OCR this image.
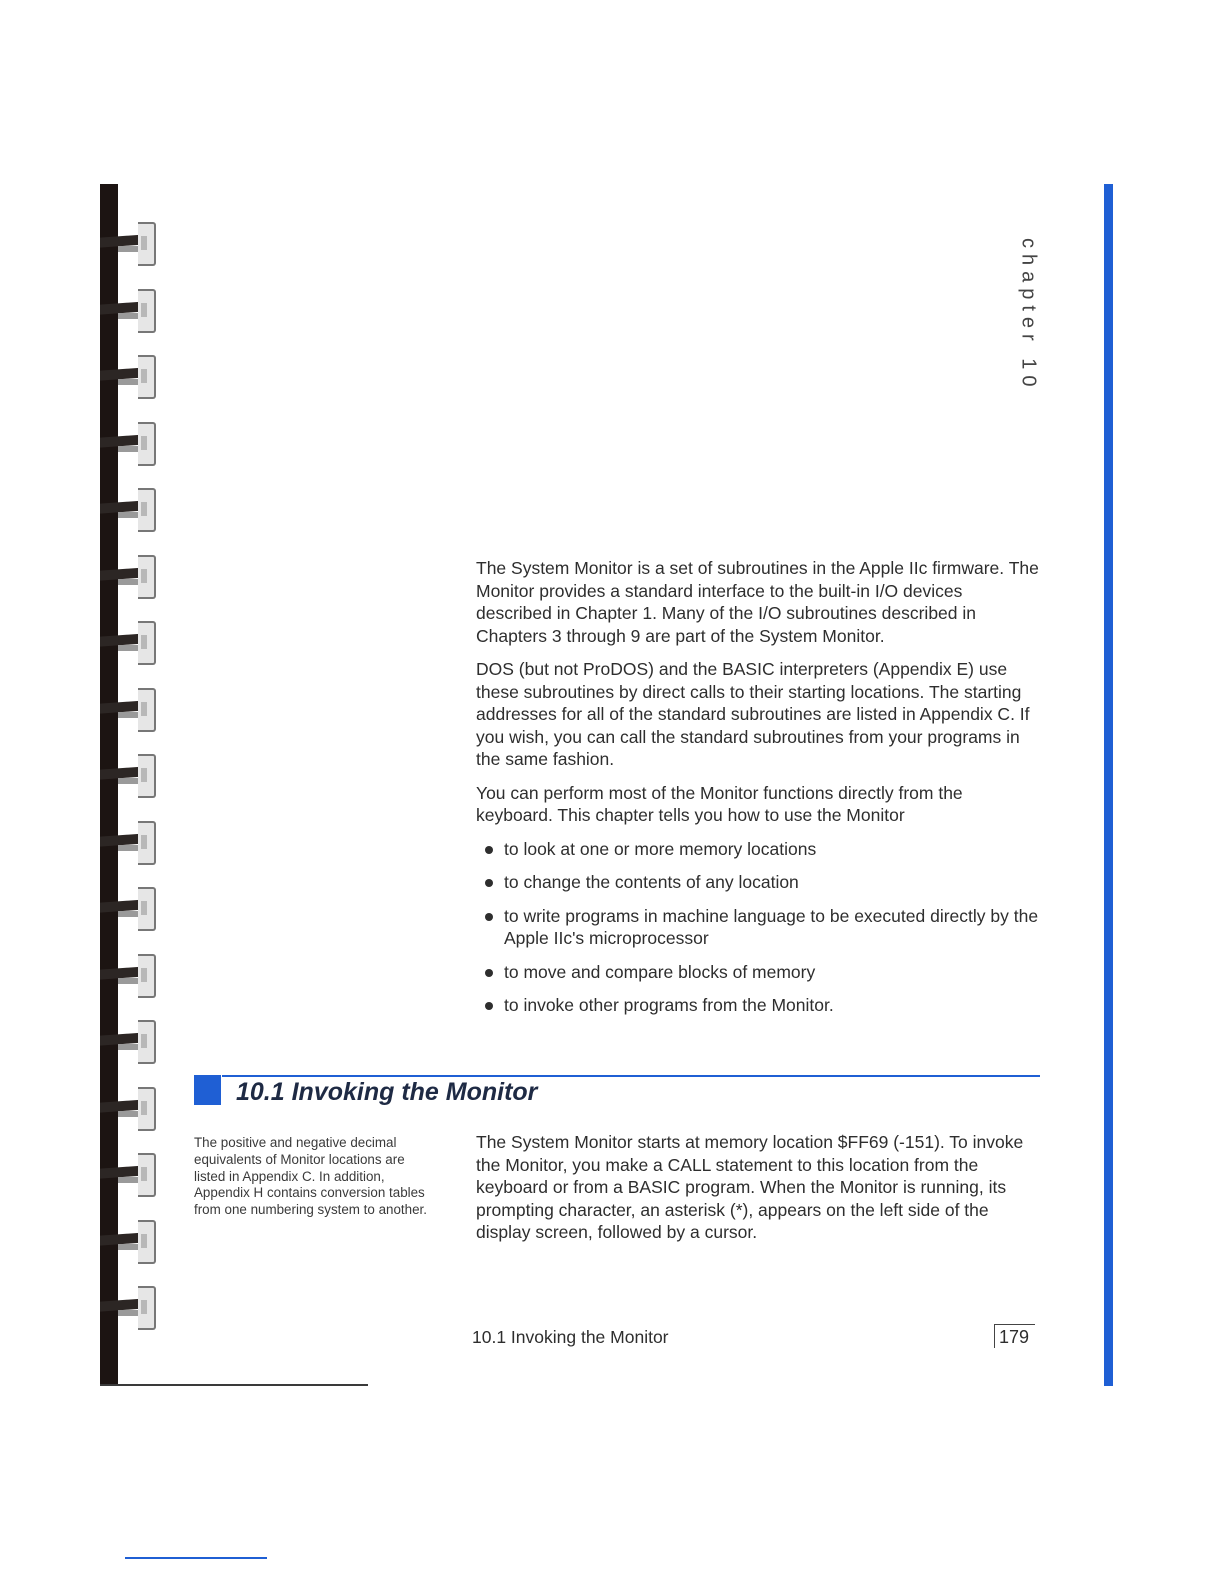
chapter 10

The System Monitor is a set of subroutines in the Apple IIc firmware. The Monitor provides a standard interface to the built-in I/O devices described in Chapter 1. Many of the I/O subroutines described in Chapters 3 through 9 are part of the System Monitor.

DOS (but not ProDOS) and the BASIC interpreters (Appendix E) use these subroutines by direct calls to their starting locations. The starting addresses for all of the standard subroutines are listed in Appendix C. If you wish, you can call the standard subroutines from your programs in the same fashion.

You can perform most of the Monitor functions directly from the keyboard. This chapter tells you how to use the Monitor

to look at one or more memory locations
to change the contents of any location
to write programs in machine language to be executed directly by the Apple IIc's microprocessor
to move and compare blocks of memory
to invoke other programs from the Monitor.
10.1 Invoking the Monitor
The positive and negative decimal equivalents of Monitor locations are listed in Appendix C. In addition, Appendix H contains conversion tables from one numbering system to another.

The System Monitor starts at memory location $FF69 (-151). To invoke the Monitor, you make a CALL statement to this location from the keyboard or from a BASIC program. When the Monitor is running, its prompting character, an asterisk (*), appears on the left side of the display screen, followed by a cursor.

10.1 Invoking the Monitor	179
